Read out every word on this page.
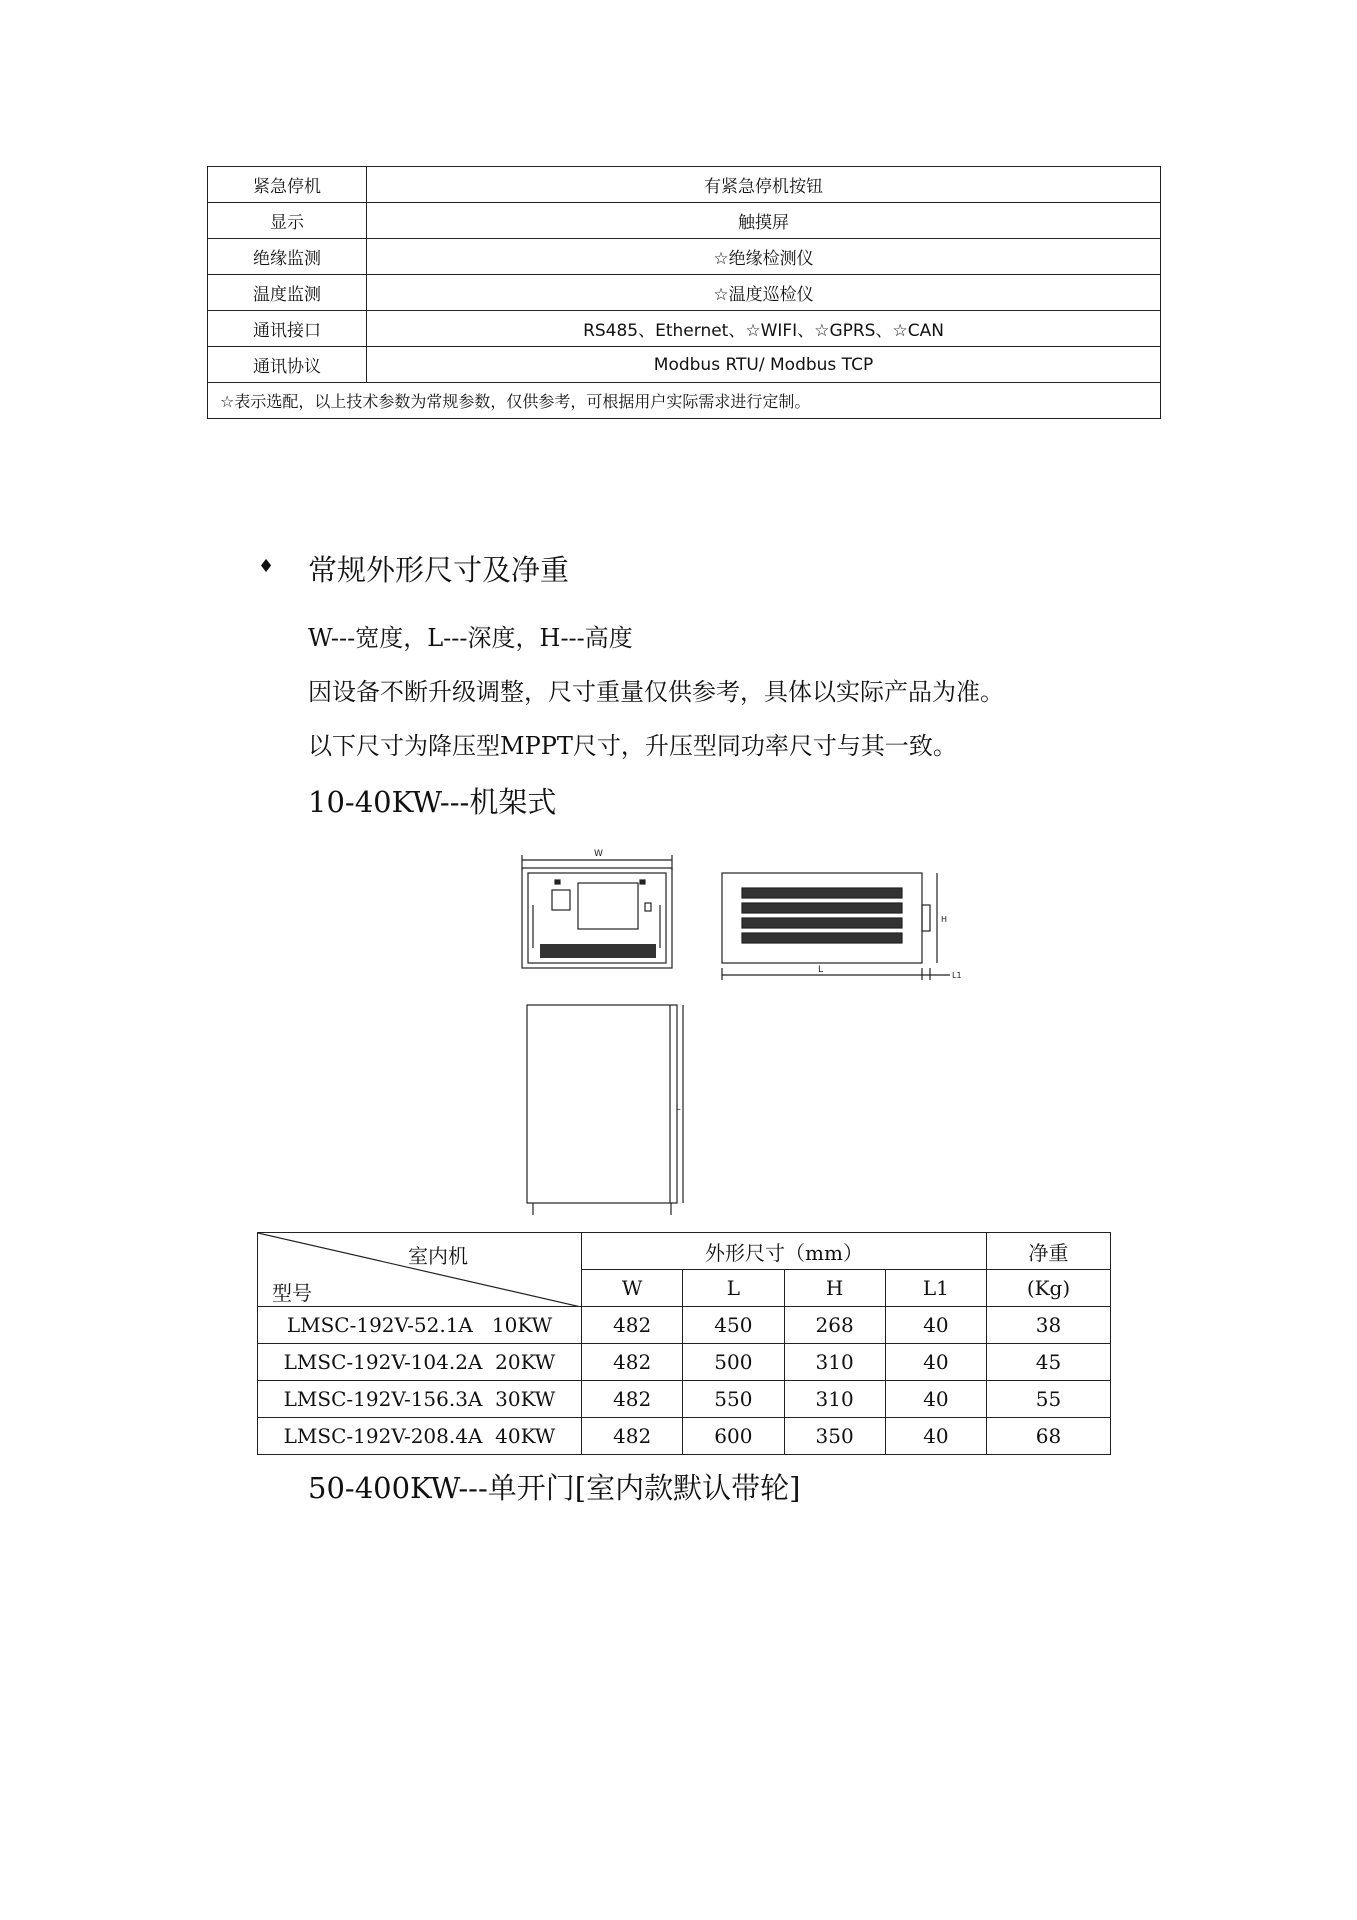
紧急停机	有紧急停机按钮
显示	触摸屏
绝缘监测	☆绝缘检测仪
温度监测	☆温度巡检仪
通讯接口	RS485、Ethernet、☆WIFI、☆GPRS、☆CAN
通讯协议	Modbus RTU/ Modbus TCP
☆表示选配，以上技术参数为常规参数，仅供参考，可根据用户实际需求进行定制。	
♦ 常规外形尺寸及净重
W---宽度，L---深度，H---高度
因设备不断升级调整，尺寸重量仅供参考，具体以实际产品为准。
以下尺寸为降压型MPPT尺寸，升压型同功率尺寸与其一致。
10-40KW---机架式
W
L
H
L1
L
室内机
型号	外形尺寸（mm）				净重
	W	L	H	L1	(Kg)
LMSC-192V-52.1A   10KW	482	450	268	40	38
LMSC-192V-104.2A  20KW	482	500	310	40	45
LMSC-192V-156.3A  30KW	482	550	310	40	55
LMSC-192V-208.4A  40KW	482	600	350	40	68
50-400KW---单开门[室内款默认带轮]
